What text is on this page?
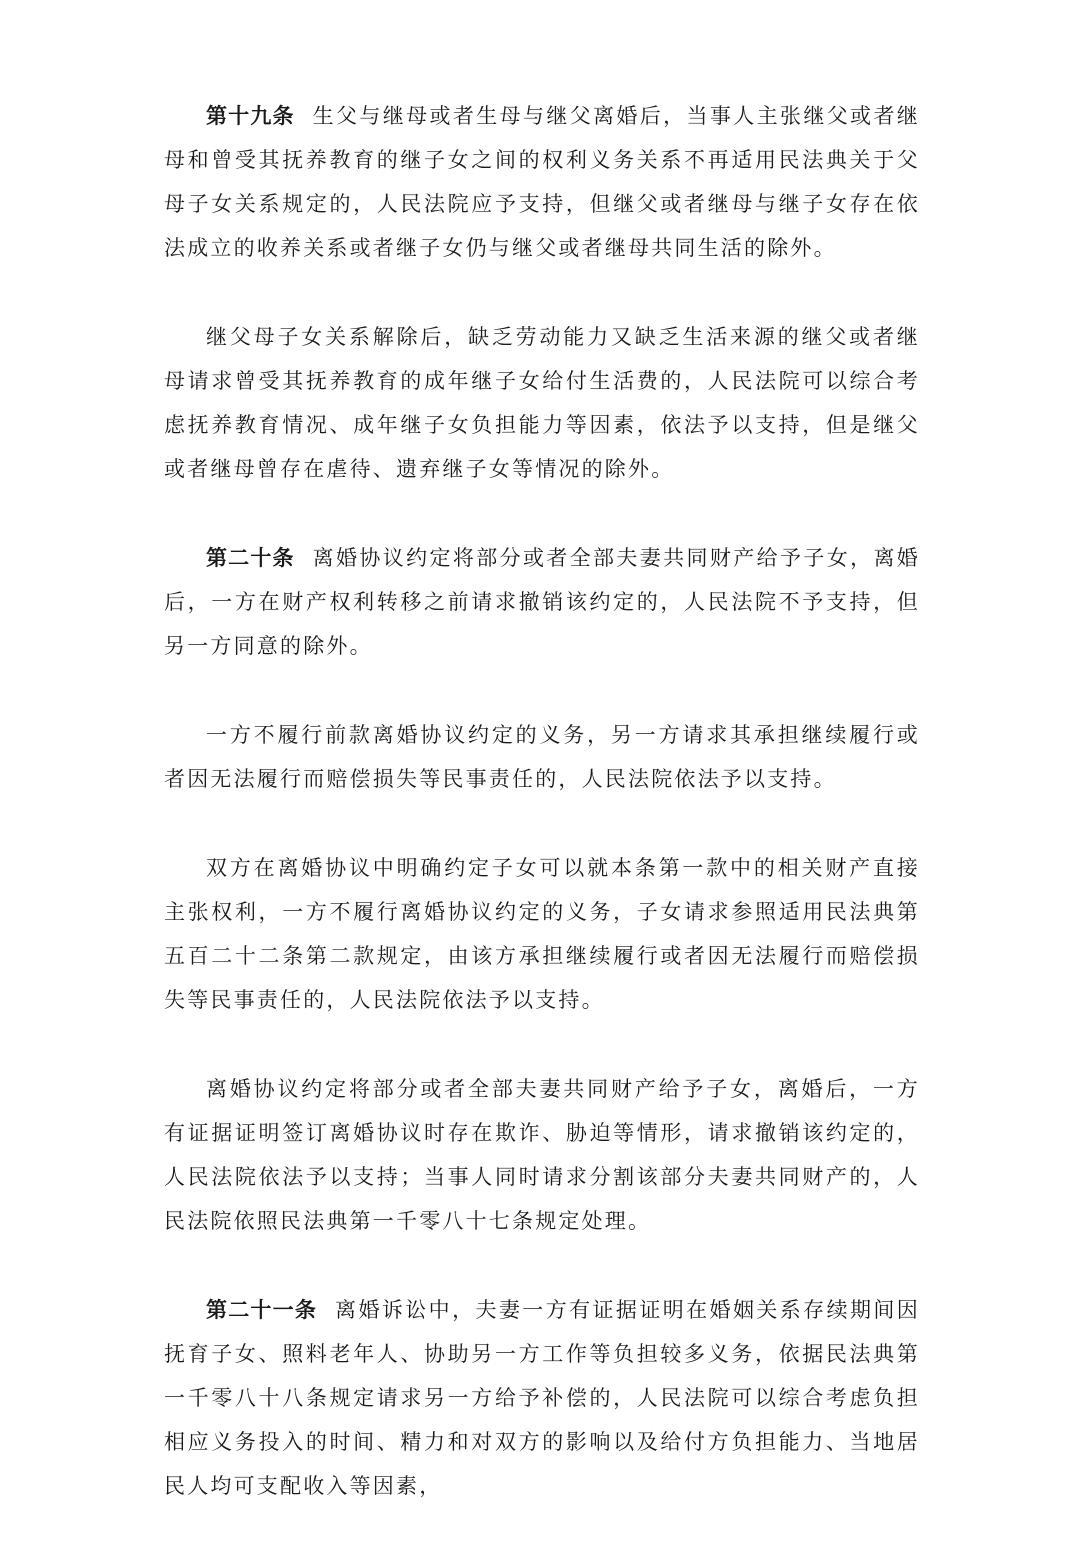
第十九条 生父与继母或者生母与继父离婚后，当事人主张继父或者继母和曾受其抚养教育的继子女之间的权利义务关系不再适用民法典关于父母子女关系规定的，人民法院应予支持，但继父或者继母与继子女存在依法成立的收养关系或者继子女仍与继父或者继母共同生活的除外。

继父母子女关系解除后，缺乏劳动能力又缺乏生活来源的继父或者继母请求曾受其抚养教育的成年继子女给付生活费的，人民法院可以综合考虑抚养教育情况、成年继子女负担能力等因素，依法予以支持，但是继父或者继母曾存在虐待、遗弃继子女等情况的除外。

第二十条 离婚协议约定将部分或者全部夫妻共同财产给予子女，离婚后，一方在财产权利转移之前请求撤销该约定的，人民法院不予支持，但另一方同意的除外。

一方不履行前款离婚协议约定的义务，另一方请求其承担继续履行或者因无法履行而赔偿损失等民事责任的，人民法院依法予以支持。

双方在离婚协议中明确约定子女可以就本条第一款中的相关财产直接主张权利，一方不履行离婚协议约定的义务，子女请求参照适用民法典第五百二十二条第二款规定，由该方承担继续履行或者因无法履行而赔偿损失等民事责任的，人民法院依法予以支持。

离婚协议约定将部分或者全部夫妻共同财产给予子女，离婚后，一方有证据证明签订离婚协议时存在欺诈、胁迫等情形，请求撤销该约定的，人民法院依法予以支持；当事人同时请求分割该部分夫妻共同财产的，人民法院依照民法典第一千零八十七条规定处理。

第二十一条 离婚诉讼中，夫妻一方有证据证明在婚姻关系存续期间因抚育子女、照料老年人、协助另一方工作等负担较多义务，依据民法典第一千零八十八条规定请求另一方给予补偿的，人民法院可以综合考虑负担相应义务投入的时间、精力和对双方的影响以及给付方负担能力、当地居民人均可支配收入等因素，
